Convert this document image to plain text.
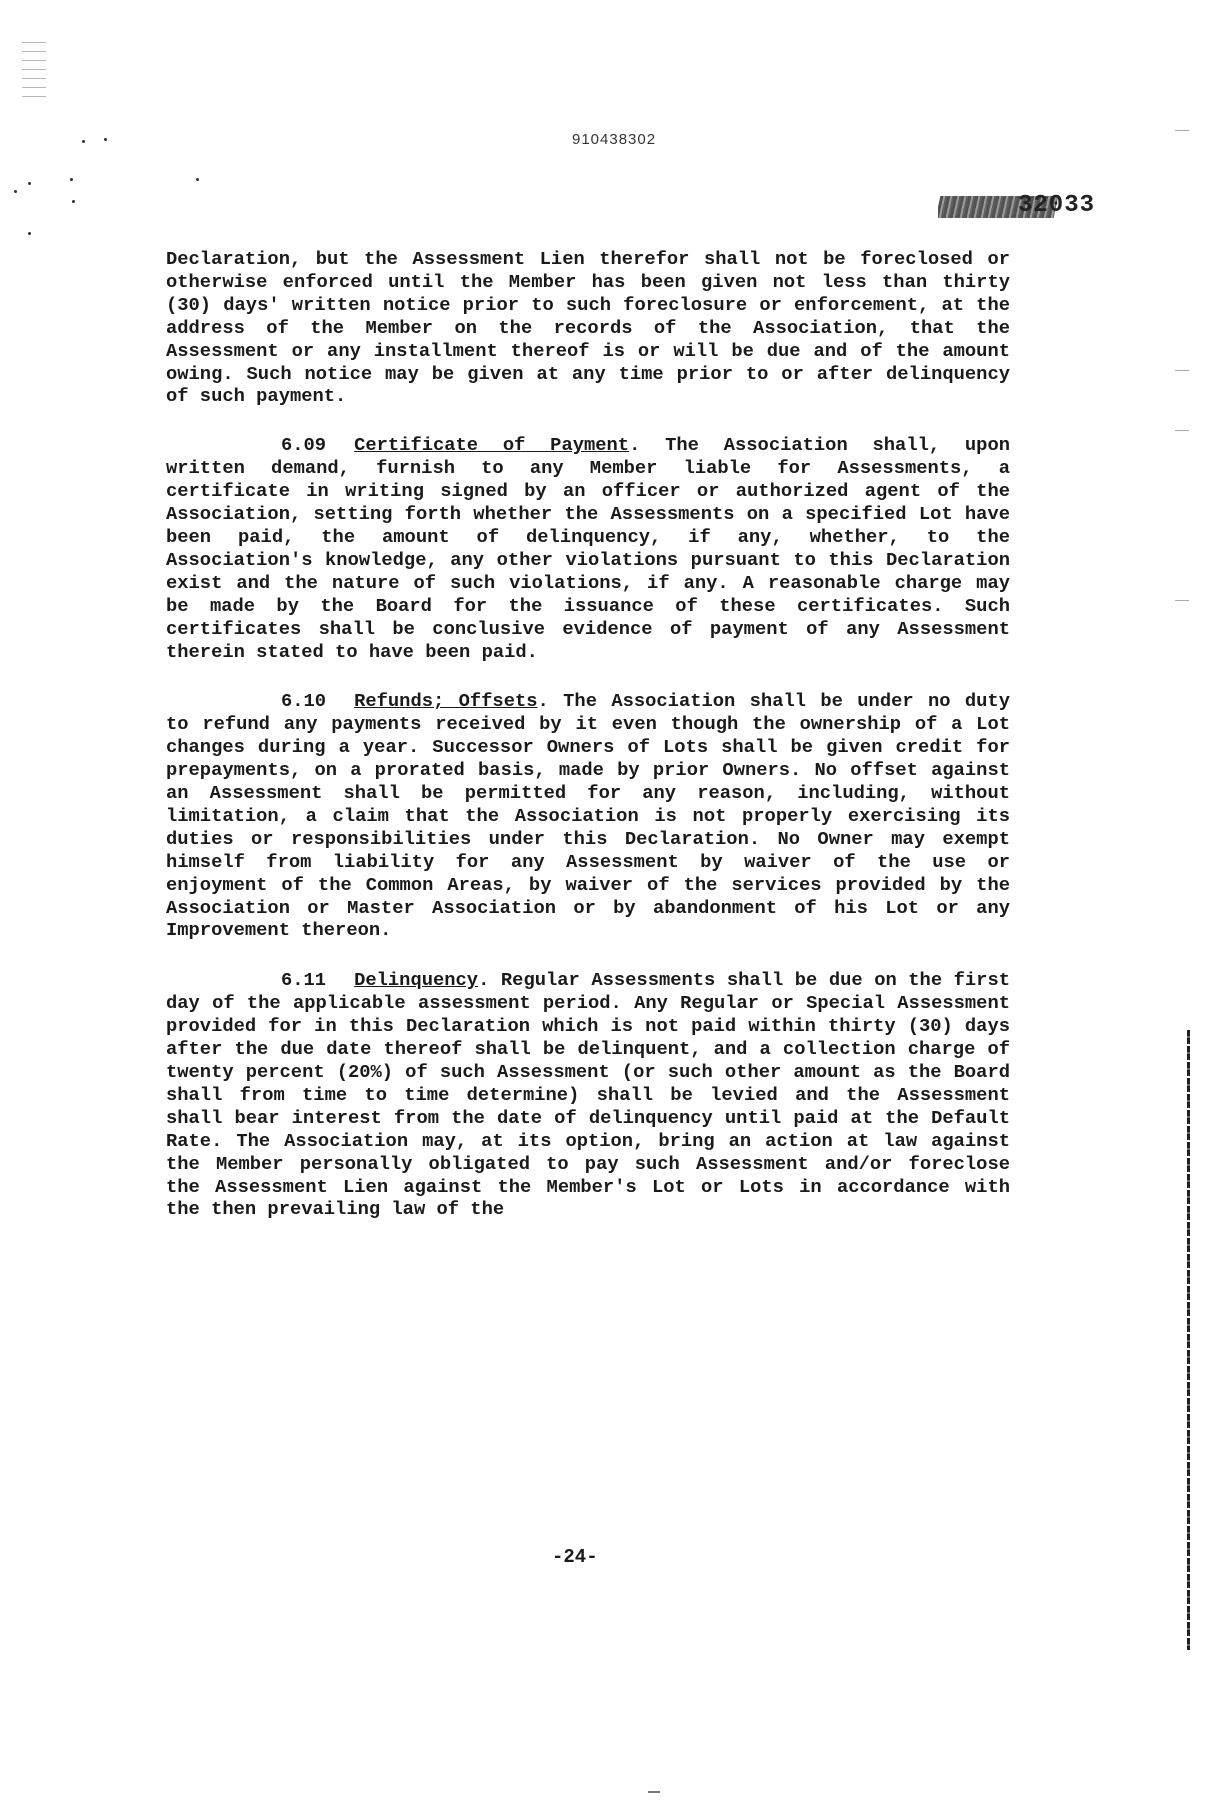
910438302
32033

Declaration, but the Assessment Lien therefor shall not be foreclosed or otherwise enforced until the Member has been given not less than thirty (30) days' written notice prior to such foreclosure or enforcement, at the address of the Member on the records of the Association, that the Assessment or any installment thereof is or will be due and of the amount owing. Such notice may be given at any time prior to or after delinquency of such payment.

6.09 Certificate of Payment. The Association shall, upon written demand, furnish to any Member liable for Assessments, a certificate in writing signed by an officer or authorized agent of the Association, setting forth whether the Assessments on a specified Lot have been paid, the amount of delinquency, if any, whether, to the Association's knowledge, any other violations pursuant to this Declaration exist and the nature of such violations, if any. A reasonable charge may be made by the Board for the issuance of these certificates. Such certificates shall be conclusive evidence of payment of any Assessment therein stated to have been paid.

6.10 Refunds; Offsets. The Association shall be under no duty to refund any payments received by it even though the ownership of a Lot changes during a year. Successor Owners of Lots shall be given credit for prepayments, on a prorated basis, made by prior Owners. No offset against an Assessment shall be permitted for any reason, including, without limitation, a claim that the Association is not properly exercising its duties or responsibilities under this Declaration. No Owner may exempt himself from liability for any Assessment by waiver of the use or enjoyment of the Common Areas, by waiver of the services provided by the Association or Master Association or by abandonment of his Lot or any Improvement thereon.

6.11 Delinquency. Regular Assessments shall be due on the first day of the applicable assessment period. Any Regular or Special Assessment provided for in this Declaration which is not paid within thirty (30) days after the due date thereof shall be delinquent, and a collection charge of twenty percent (20%) of such Assessment (or such other amount as the Board shall from time to time determine) shall be levied and the Assessment shall bear interest from the date of delinquency until paid at the Default Rate. The Association may, at its option, bring an action at law against the Member personally obligated to pay such Assessment and/or foreclose the Assessment Lien against the Member's Lot or Lots in accordance with the then prevailing law of the

-24-
